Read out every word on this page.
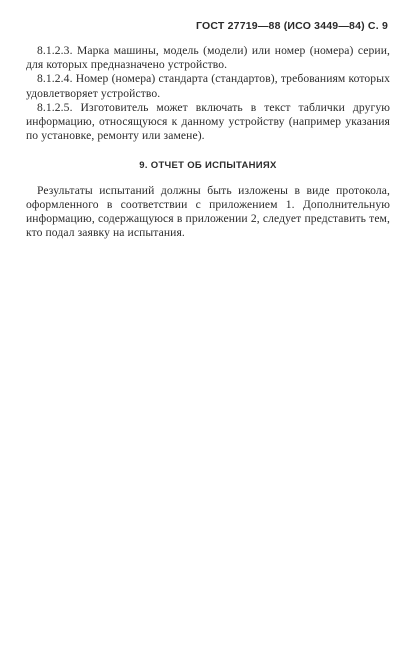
ГОСТ 27719—88 (ИСО 3449—84) С. 9

8.1.2.3. Марка машины, модель (модели) или номер (номера) серии, для которых предназначено устройство.

8.1.2.4. Номер (номера) стандарта (стандартов), требованиям которых удовлетворяет устройство.

8.1.2.5. Изготовитель может включать в текст таблички другую информацию, относящуюся к данному устройству (например указания по установке, ремонту или замене).

9. ОТЧЕТ ОБ ИСПЫТАНИЯХ

Результаты испытаний должны быть изложены в виде протокола, оформленного в соответствии с приложением 1. Дополнительную информацию, содержащуюся в приложении 2, следует представить тем, кто подал заявку на испытания.
